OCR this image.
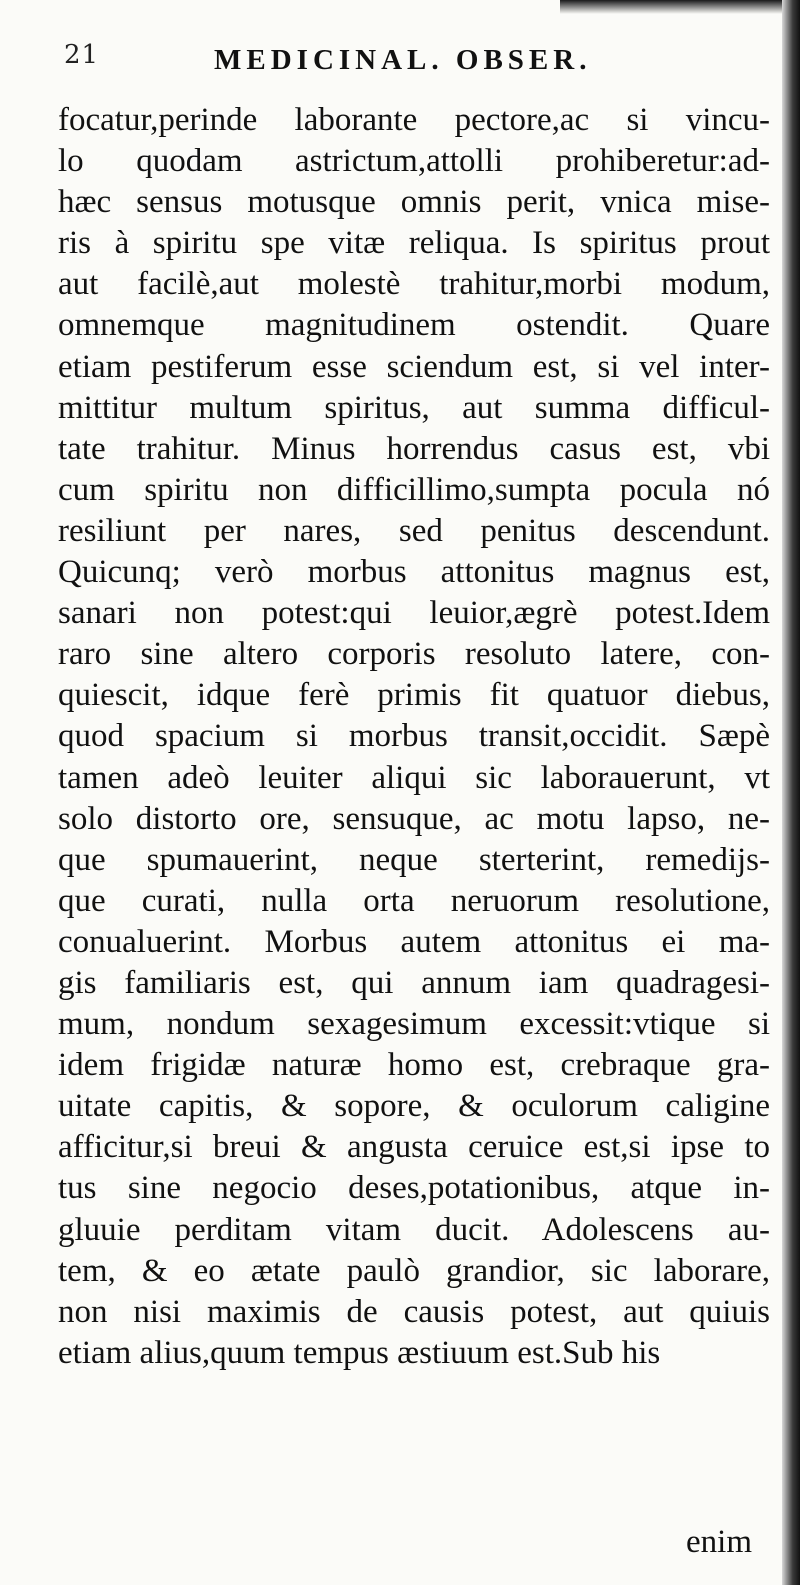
21	MEDICINAL. OBSER.
focatur,perinde laborante pectore,ac si vincu-
lo quodam astrictum,attolli prohiberetur:ad-
hæc sensus motusque omnis perit, vnica mise-
ris à spiritu spe vitæ reliqua. Is spiritus prout
aut facilè,aut molestè trahitur,morbi modum,
omnemque magnitudinem ostendit. Quare
etiam pestiferum esse sciendum est, si vel inter-
mittitur multum spiritus, aut summa difficul-
tate trahitur. Minus horrendus casus est, vbi
cum spiritu non difficillimo,sumpta pocula nó
resiliunt per nares, sed penitus descendunt.
Quicunq; verò morbus attonitus magnus est,
sanari non potest:qui leuior,ægrè potest.Idem
raro sine altero corporis resoluto latere, con-
quiescit, idque ferè primis fit quatuor diebus,
quod spacium si morbus transit,occidit. Sæpè
tamen adeò leuiter aliqui sic laborauerunt, vt
solo distorto ore, sensuque, ac motu lapso, ne-
que spumauerint, neque sterterint, remedijs-
que curati, nulla orta neruorum resolutione,
conualuerint. Morbus autem attonitus ei ma-
gis familiaris est, qui annum iam quadragesi-
mum, nondum sexagesimum excessit:vtique si
idem frigidæ naturæ homo est, crebraque gra-
uitate capitis, & sopore, & oculorum caligine
afficitur,si breui & angusta ceruice est,si ipse to
tus sine negocio deses,potationibus, atque in-
gluuie perditam vitam ducit. Adolescens au-
tem, & eo ætate paulò grandior, sic laborare,
non nisi maximis de causis potest, aut quiuis
etiam alius,quum tempus æstiuum est.Sub his
enim
